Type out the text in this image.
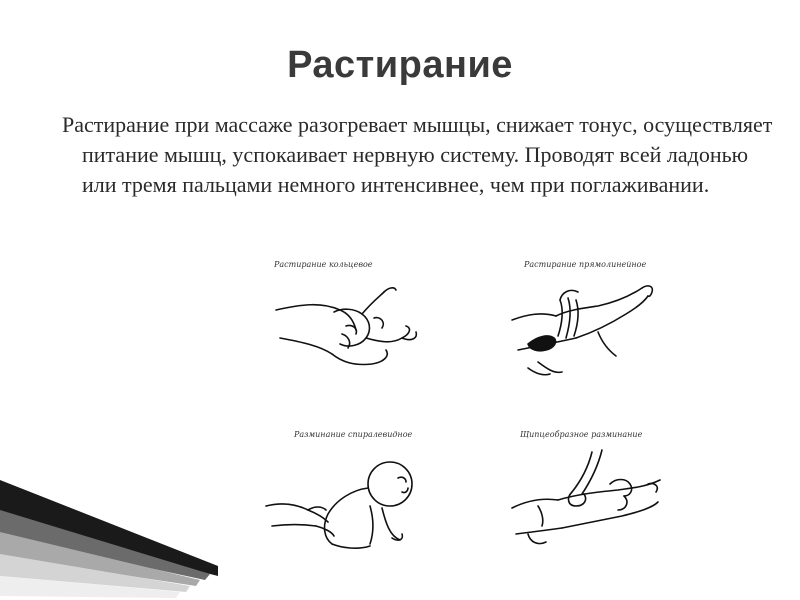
Растирание

Растирание при массаже разогревает мышцы, снижает тонус, осуществляет питание мышц, успокаивает нервную систему. Проводят всей ладонью или тремя пальцами немного интенсивнее, чем при поглаживании.

Растирание кольцевое	Растирание прямолинейное
Разминание спиралевидное	Щипцеобразное разминание
